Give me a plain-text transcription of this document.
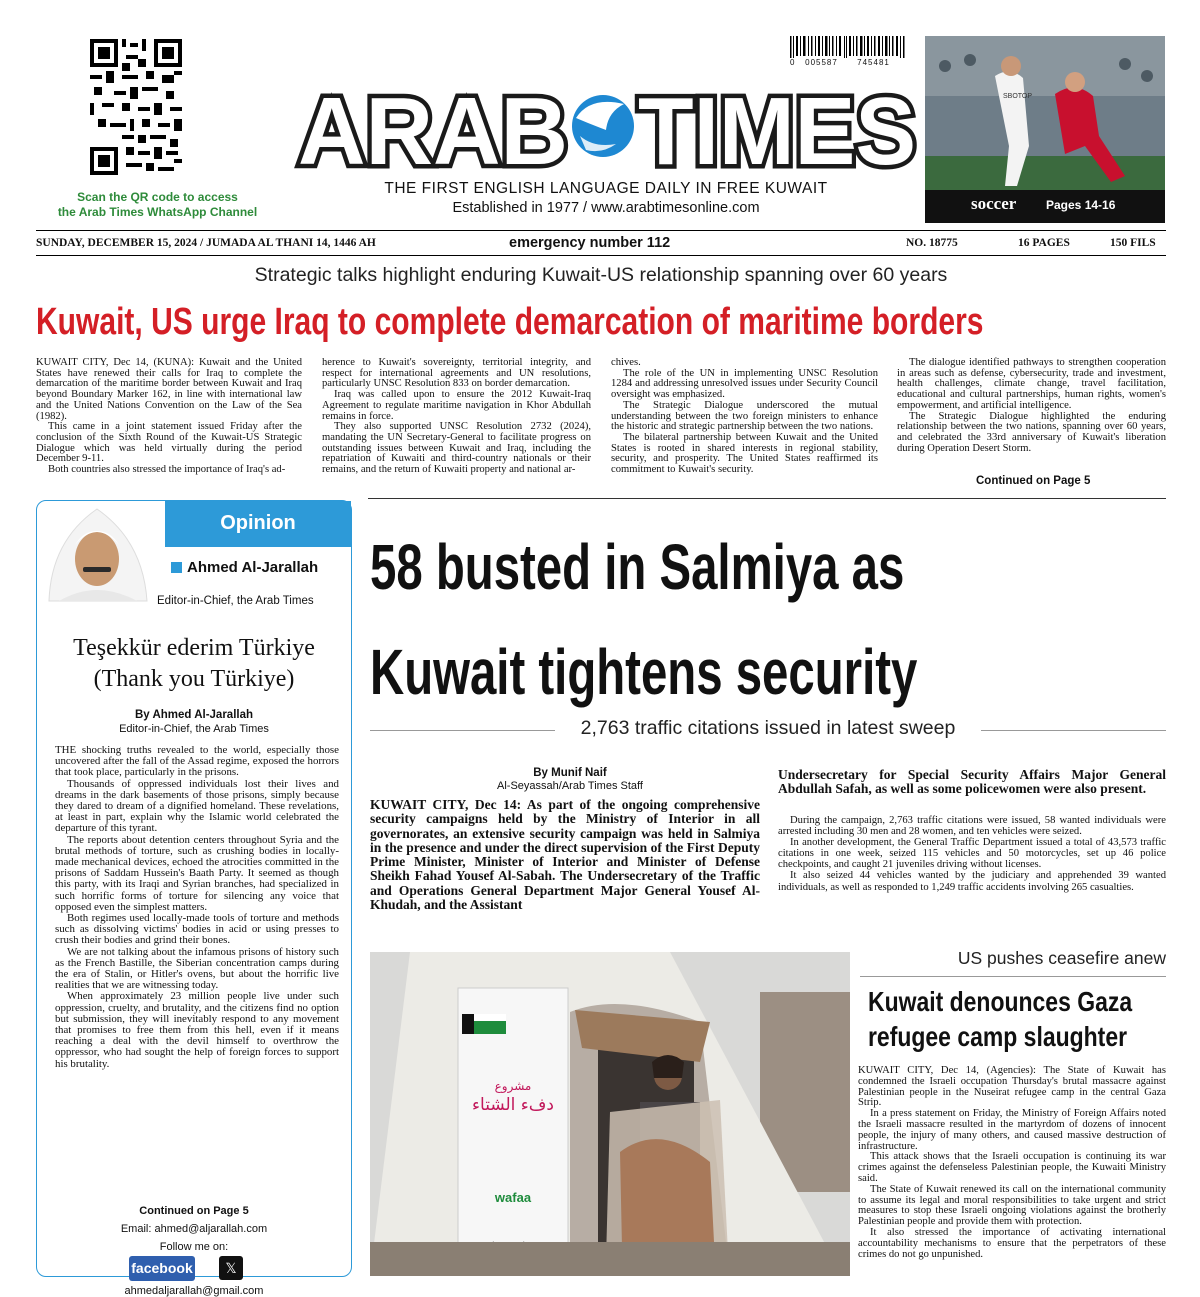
Scan the QR code to access
the Arab Times WhatsApp Channel
0   005587      745481
ARAB TIMES
THE FIRST ENGLISH LANGUAGE DAILY IN FREE KUWAIT
Established in 1977 / www.arabtimesonline.com
SBOTOP
soccer Pages 14-16
SUNDAY, DECEMBER 15, 2024 / JUMADA AL THANI 14, 1446 AH	emergency number 112	NO. 18775	16 PAGES	150 FILS
Strategic talks highlight enduring Kuwait-US relationship spanning over 60 years
Kuwait, US urge Iraq to complete demarcation of maritime borders

KUWAIT CITY, Dec 14, (KUNA): Kuwait and the United States have renewed their calls for Iraq to complete the demarcation of the maritime border between Kuwait and Iraq beyond Boundary Marker 162, in line with international law and the United Nations Convention on the Law of the Sea (1982).

This came in a joint statement issued Friday after the conclusion of the Sixth Round of the Kuwait-US Strategic Dialogue which was held virtually during the period December 9-11.

Both countries also stressed the importance of Iraq's ad-

herence to Kuwait's sovereignty, territorial integrity, and respect for international agreements and UN resolutions, particularly UNSC Resolution 833 on border demarcation.

Iraq was called upon to ensure the 2012 Kuwait-Iraq Agreement to regulate maritime navigation in Khor Abdullah remains in force.

They also supported UNSC Resolution 2732 (2024), mandating the UN Secretary-General to facilitate progress on outstanding issues between Kuwait and Iraq, including the repatriation of Kuwaiti and third-country nationals or their remains, and the return of Kuwaiti property and national ar-

chives.

The role of the UN in implementing UNSC Resolution 1284 and addressing unresolved issues under Security Council oversight was emphasized.

The Strategic Dialogue underscored the mutual understanding between the two foreign ministers to enhance the historic and strategic partnership between the two nations.

The bilateral partnership between Kuwait and the United States is rooted in shared interests in regional stability, security, and prosperity. The United States reaffirmed its commitment to Kuwait's security.

The dialogue identified pathways to strengthen cooperation in areas such as defense, cybersecurity, trade and investment, health challenges, climate change, travel facilitation, educational and cultural partnerships, human rights, women's empowerment, and artificial intelligence.

The Strategic Dialogue highlighted the enduring relationship between the two nations, spanning over 60 years, and celebrated the 33rd anniversary of Kuwait's liberation during Operation Desert Storm.

Continued on Page 5
Opinion
Ahmed Al-Jarallah
Editor-in-Chief, the Arab Times
Teşekkür ederim Türkiye
(Thank you Türkiye)
By Ahmed Al-Jarallah
Editor-in-Chief, the Arab Times

THE shocking truths revealed to the world, especially those uncovered after the fall of the Assad regime, exposed the horrors that took place, particularly in the prisons.

Thousands of oppressed individuals lost their lives and dreams in the dark basements of those prisons, simply because they dared to dream of a dignified homeland. These revelations, at least in part, explain why the Islamic world celebrated the departure of this tyrant.

The reports about detention centers throughout Syria and the brutal methods of torture, such as crushing bodies in locally-made mechanical devices, echoed the atrocities committed in the prisons of Saddam Hussein's Baath Party. It seemed as though this party, with its Iraqi and Syrian branches, had specialized in such horrific forms of torture for silencing any voice that opposed even the simplest matters.

Both regimes used locally-made tools of torture and methods such as dissolving victims' bodies in acid or using presses to crush their bodies and grind their bones.

We are not talking about the infamous prisons of history such as the French Bastille, the Siberian concentration camps during the era of Stalin, or Hitler's ovens, but about the horrific live realities that we are witnessing today.

When approximately 23 million people live under such oppression, cruelty, and brutality, and the citizens find no option but submission, they will inevitably respond to any movement that promises to free them from this hell, even if it means reaching a deal with the devil himself to overthrow the oppressor, who had sought the help of foreign forces to support his brutality.

Continued on Page 5
Email: ahmed@aljarallah.com
Follow me on:
facebook	𝕏
ahmedaljarallah@gmail.com
58 busted in Salmiya as
Kuwait tightens security
2,763 traffic citations issued in latest sweep
By Munif Naif
Al-Seyassah/Arab Times Staff
KUWAIT CITY, Dec 14: As part of the ongoing comprehensive security campaigns held by the Ministry of Interior in all governorates, an extensive security campaign was held in Salmiya in the presence and under the direct supervision of the First Deputy Prime Minister, Minister of Interior and Minister of Defense Sheikh Fahad Yousef Al-Sabah. The Undersecretary of the Traffic and Operations General Department Major General Yousef Al-Khudah, and the Assistant
Undersecretary for Special Security Affairs Major General Abdullah Safah, as well as some policewomen were also present.

During the campaign, 2,763 traffic citations were issued, 58 wanted individuals were arrested including 30 men and 28 women, and ten vehicles were seized.

In another development, the General Traffic Department issued a total of 43,573 traffic citations in one week, seized 115 vehicles and 50 motorcycles, set up 46 police checkpoints, and caught 21 juveniles driving without licenses.

It also seized 44 vehicles wanted by the judiciary and apprehended 39 wanted individuals, as well as responded to 1,249 traffic accidents involving 265 casualties.

مشروع
دفء الشتاء
wafaa
US pushes ceasefire anew
Kuwait denounces Gaza
refugee camp slaughter

KUWAIT CITY, Dec 14, (Agencies): The State of Kuwait has condemned the Israeli occupation Thursday's brutal massacre against Palestinian people in the Nuseirat refugee camp in the central Gaza Strip.

In a press statement on Friday, the Ministry of Foreign Affairs noted the Israeli massacre resulted in the martyrdom of dozens of innocent people, the injury of many others, and caused massive destruction of infrastructure.

This attack shows that the Israeli occupation is continuing its war crimes against the defenseless Palestinian people, the Kuwaiti Ministry said.

The State of Kuwait renewed its call on the international community to assume its legal and moral responsibilities to take urgent and strict measures to stop these Israeli ongoing violations against the brotherly Palestinian people and provide them with protection.

It also stressed the importance of activating international accountability mechanisms to ensure that the perpetrators of these crimes do not go unpunished.
